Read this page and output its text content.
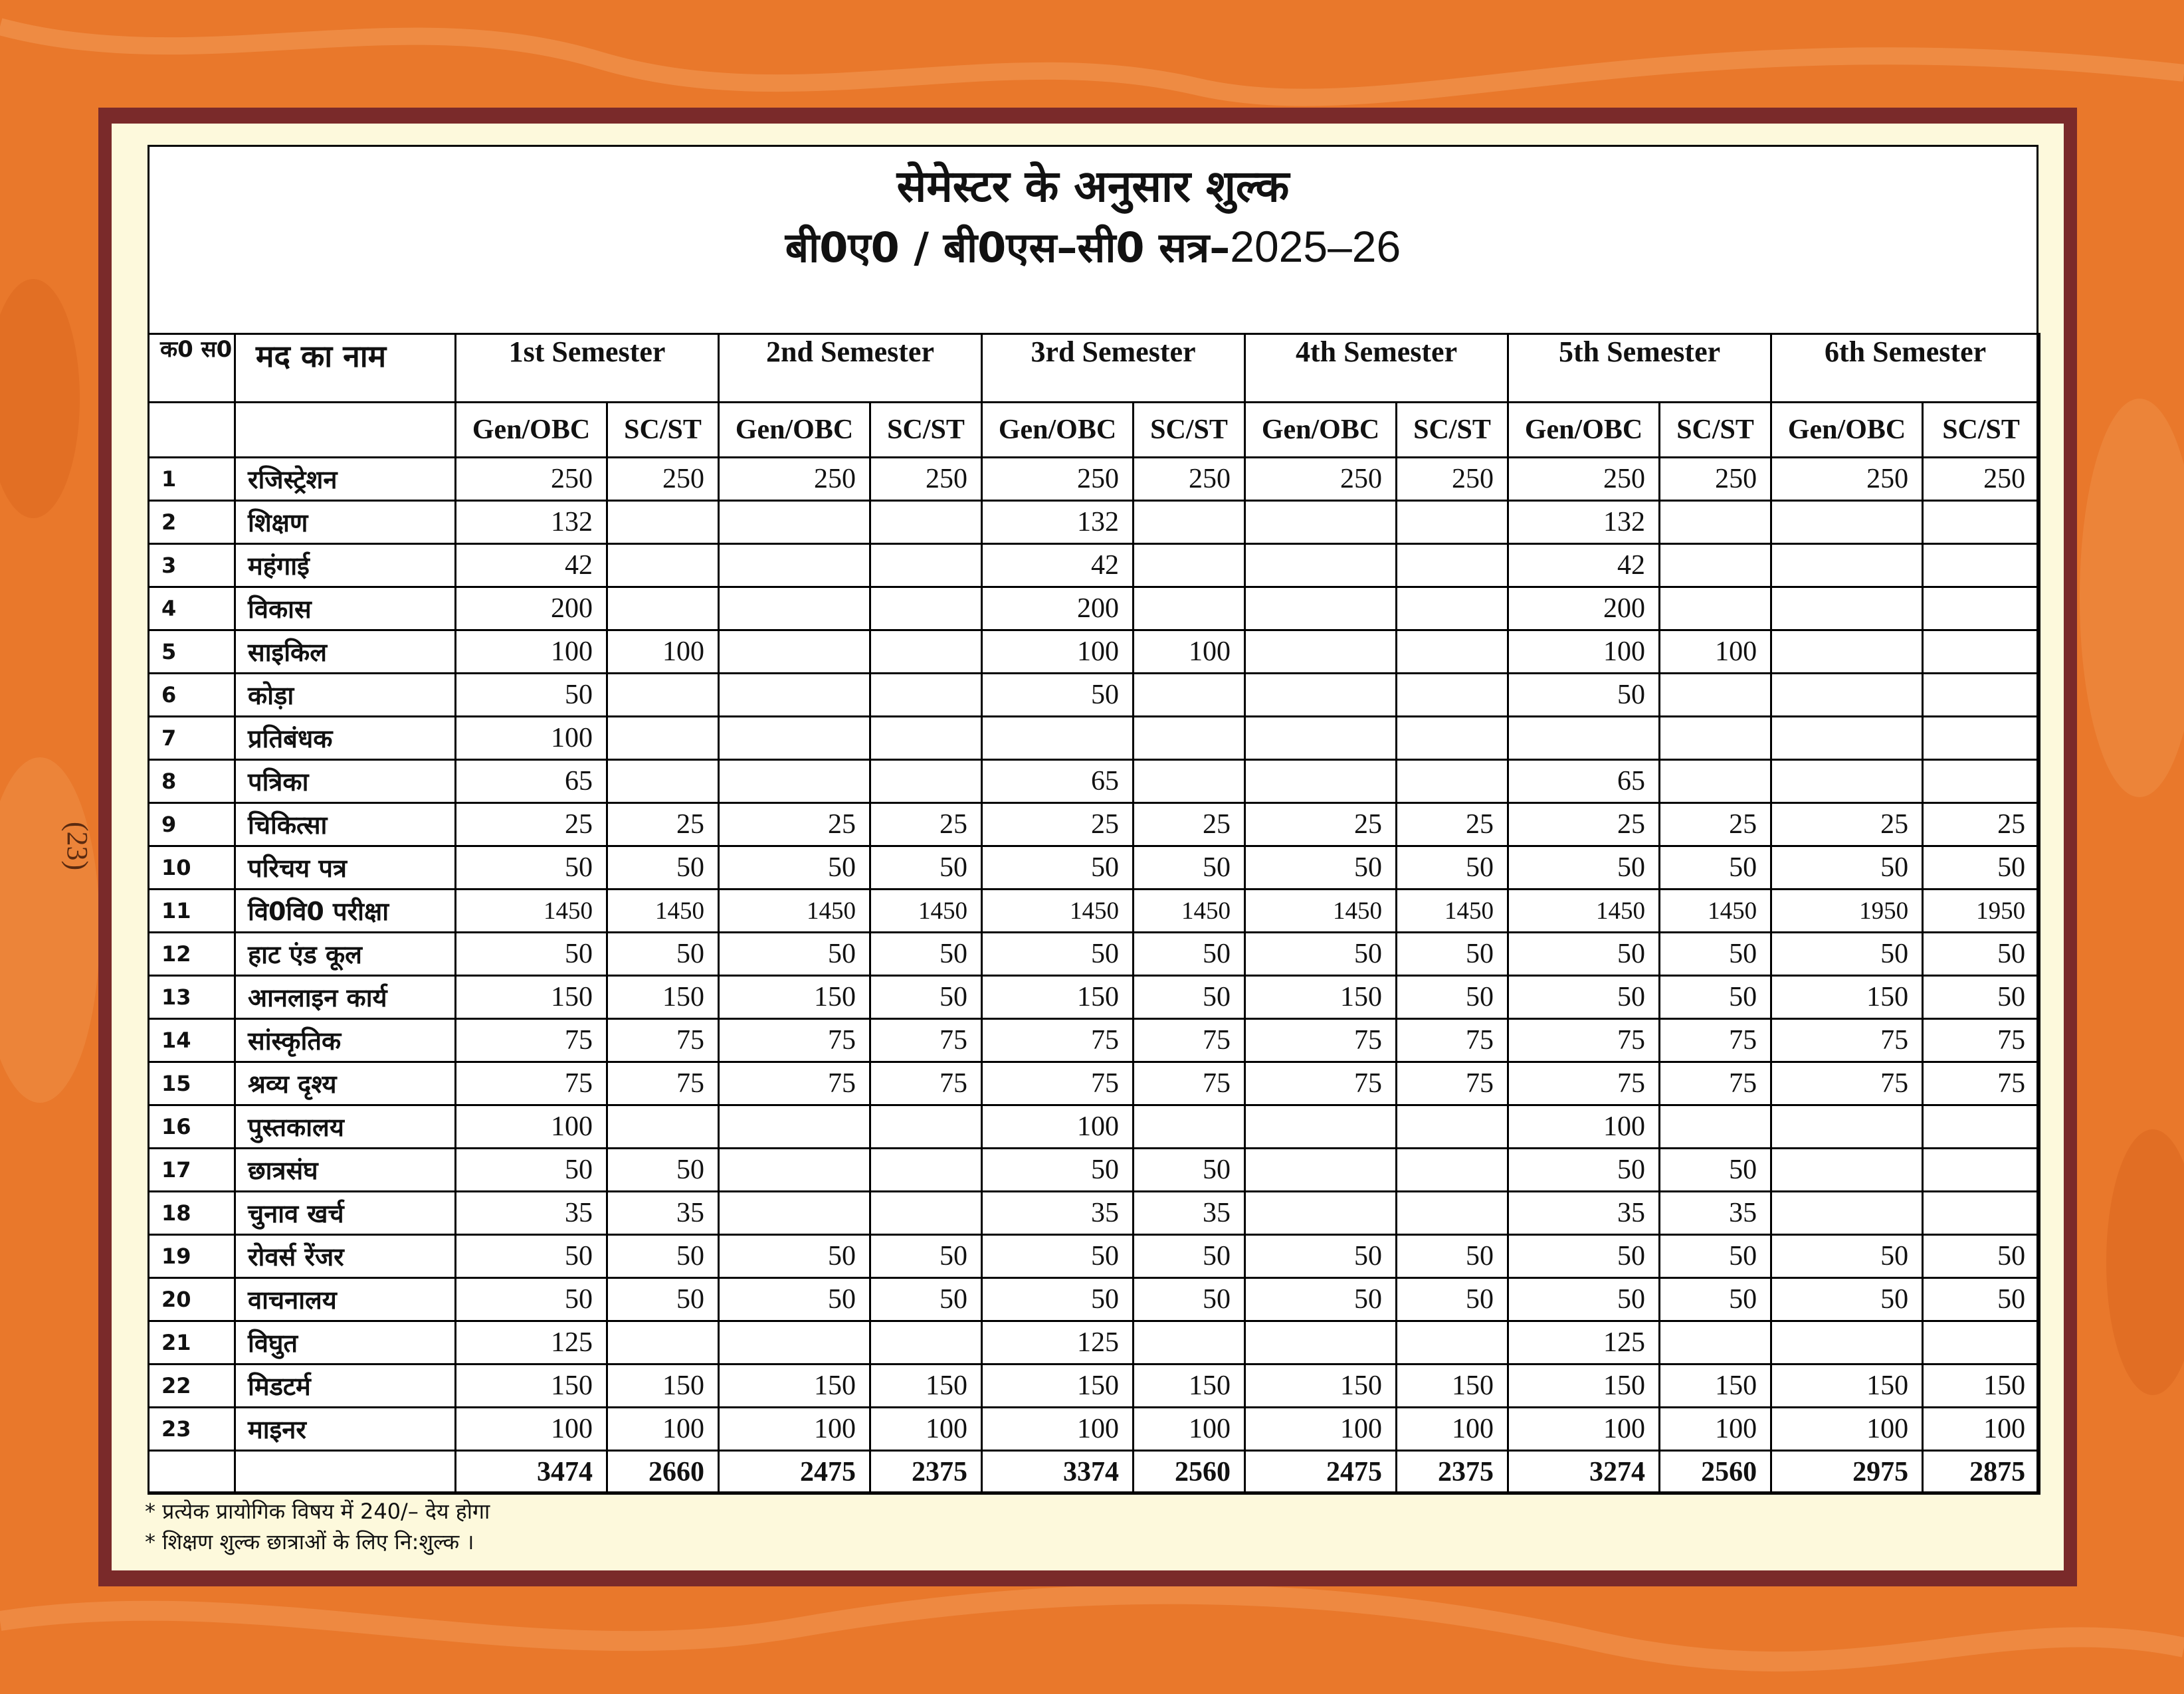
(23)
सेमेस्टर के अनुसार शुल्क
बी0ए0 / बी0एस–सी0 सत्र–2025–26
क0 स0	मद का नाम	1st Semester		2nd Semester		3rd Semester		4th Semester		5th Semester		6th Semester	
		Gen/OBC	SC/ST	Gen/OBC	SC/ST	Gen/OBC	SC/ST	Gen/OBC	SC/ST	Gen/OBC	SC/ST	Gen/OBC	SC/ST
1	रजिस्ट्रेशन	250	250	250	250	250	250	250	250	250	250	250	250
2	शिक्षण	132				132				132			
3	महंगाई	42				42				42			
4	विकास	200				200				200			
5	साइकिल	100	100			100	100			100	100		
6	कोड़ा	50				50				50			
7	प्रतिबंधक	100											
8	पत्रिका	65				65				65			
9	चिकित्सा	25	25	25	25	25	25	25	25	25	25	25	25
10	परिचय पत्र	50	50	50	50	50	50	50	50	50	50	50	50
11	वि0वि0 परीक्षा	1450	1450	1450	1450	1450	1450	1450	1450	1450	1450	1950	1950
12	हाट एंड कूल	50	50	50	50	50	50	50	50	50	50	50	50
13	आनलाइन कार्य	150	150	150	50	150	50	150	50	50	50	150	50
14	सांस्कृतिक	75	75	75	75	75	75	75	75	75	75	75	75
15	श्रव्य दृश्य	75	75	75	75	75	75	75	75	75	75	75	75
16	पुस्तकालय	100				100				100			
17	छात्रसंघ	50	50			50	50			50	50		
18	चुनाव खर्च	35	35			35	35			35	35		
19	रोवर्स रेंजर	50	50	50	50	50	50	50	50	50	50	50	50
20	वाचनालय	50	50	50	50	50	50	50	50	50	50	50	50
21	विघुत	125				125				125			
22	मिडटर्म	150	150	150	150	150	150	150	150	150	150	150	150
23	माइनर	100	100	100	100	100	100	100	100	100	100	100	100
		3474	2660	2475	2375	3374	2560	2475	2375	3274	2560	2975	2875
* प्रत्येक प्रायोगिक विषय में 240/– देय होगा
* शिक्षण शुल्क छात्राओं के लिए नि:शुल्क ।
